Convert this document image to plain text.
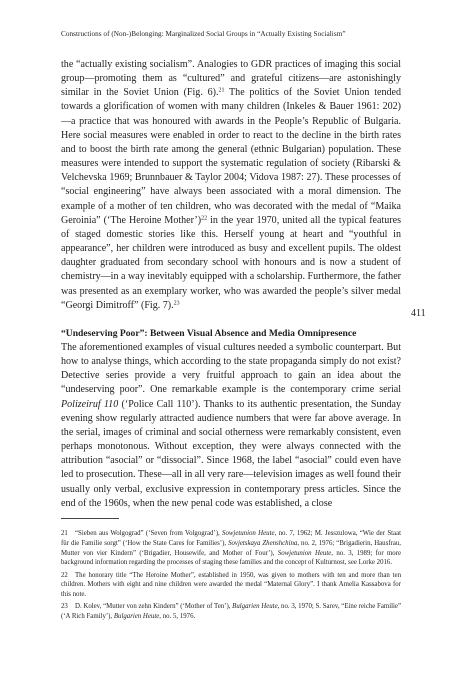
Constructions of (Non-)Belonging: Marginalized Social Groups in “Actually Existing Socialism”
411

the “actually existing socialism”. Analogies to GDR practices of imaging this social group—promoting them as “cultured” and grateful citizens—are astonishingly similar in the Soviet Union (Fig. 6).$^{21}$ The politics of the Soviet Union tended towards a glorification of women with many children (Inkeles & Bauer 1961: 202)—a practice that was honoured with awards in the People’s Republic of Bulgaria. Here social measures were enabled in order to react to the decline in the birth rates and to boost the birth rate among the general (ethnic Bulgarian) population. These measures were intended to support the systematic regulation of society (Ribarski & Velchevska 1969; Brunnbauer & Taylor 2004; Vidova 1987: 27). These processes of “social engineering” have always been associated with a moral dimension. The example of a mother of ten children, who was decorated with the medal of “Maika Geroinia” (‘The Heroine Mother’)$^{22}$ in the year 1970, united all the typical features of staged domestic stories like this. Herself young at heart and “youthful in appearance”, her children were introduced as busy and excellent pupils. The oldest daughter graduated from secondary school with honours and is now a student of chemistry—in a way inevitably equipped with a scholarship. Furthermore, the father was presented as an exemplary worker, who was awarded the people’s silver medal “Georgi Dimitroff” (Fig. 7).$^{23}$

“Undeserving Poor”: Between Visual Absence and Media Omnipresence

The aforementioned examples of visual cultures needed a symbolic counterpart. But how to analyse things, which according to the state propaganda simply do not exist? Detective series provide a very fruitful approach to gain an idea about the “undeserving poor”. One remarkable example is the contemporary crime serial Polizeiruf 110 (‘Police Call 110’). Thanks to its authentic presentation, the Sunday evening show regularly attracted audience numbers that were far above average. In the serial, images of criminal and social otherness were remarkably consistent, even perhaps monotonous. Without exception, they were always connected with the attribution “asocial” or “dissocial”. Since 1968, the label “asocial” could even have led to prosecution. These—all in all very rare—television images as well found their usually only verbal, exclusive expression in contemporary press articles. Since the end of the 1960s, when the new penal code was established, a close

21 “Sieben aus Wolgograd” (‘Seven from Volgograd’), Sowjetunion Heute, no. 7, 1962; M. Jesszulowa, “Wie der Staat für die Familie sorgt” (‘How the State Cares for Families’), Sovjetskaya Zhenshchina, no. 2, 1976; “Brigadierin, Hausfrau, Mutter von vier Kindern” (‘Brigadier, Housewife, and Mother of Four’), Sowjetunion Heute, no. 3, 1989; for more background information regarding the processes of staging these families and the concept of Kulturnost, see Lorke 2016.

22 The honorary title “The Heroine Mother”, established in 1950, was given to mothers with ten and more than ten children. Mothers with eight and nine children were awarded the medal “Maternal Glory”. I thank Amelia Kassabova for this note.

23 D. Kolev, “Mutter von zehn Kindern” (‘Mother of Ten’), Bulgarien Heute, no. 3, 1970; S. Sarev, “Eine reiche Familie” (‘A Rich Family’), Bulgarien Heute, no. 5, 1976.
